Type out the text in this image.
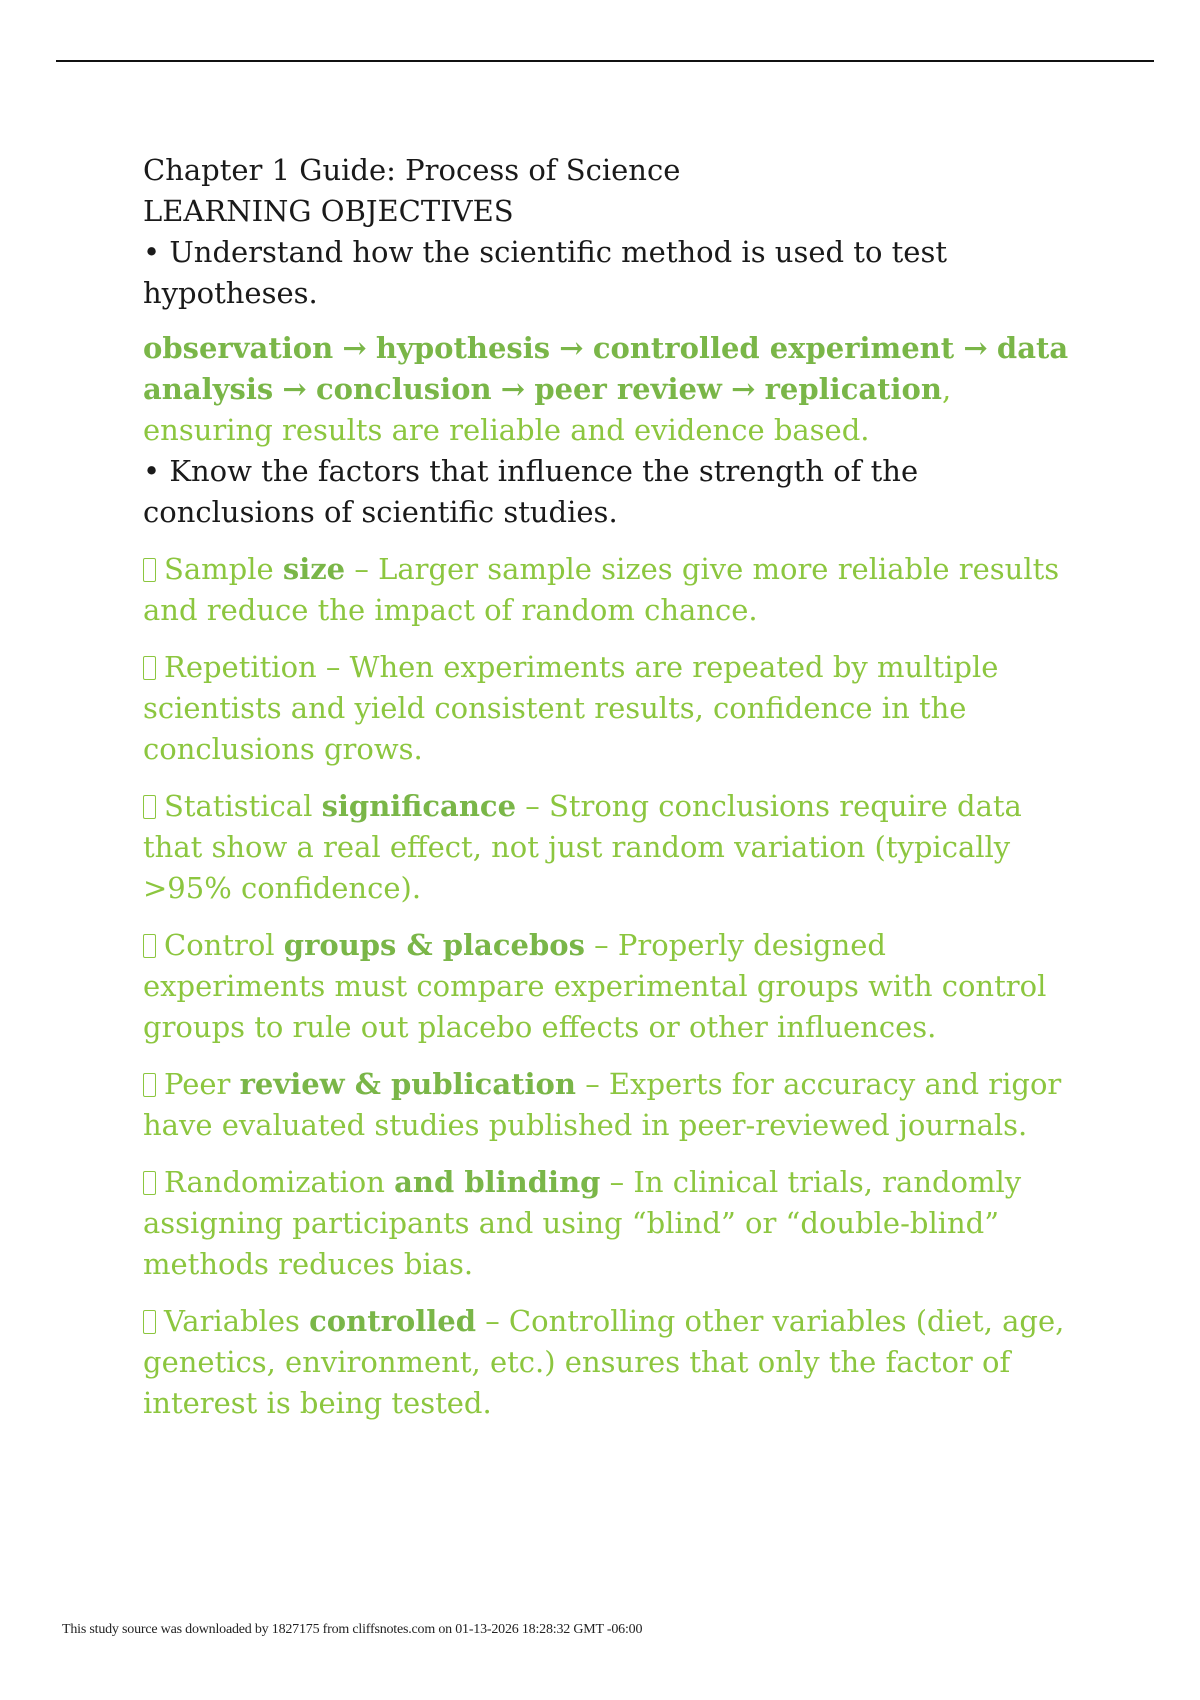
Chapter 1 Guide: Process of Science

LEARNING OBJECTIVES

• Understand how the scientific method is used to test hypotheses.

observation → hypothesis → controlled experiment → data analysis → conclusion → peer review → replication, ensuring results are reliable and evidence based.

• Know the factors that influence the strength of the conclusions of scientific studies.

Sample size – Larger sample sizes give more reliable results and reduce the impact of random chance.

Repetition – When experiments are repeated by multiple scientists and yield consistent results, confidence in the conclusions grows.

Statistical significance – Strong conclusions require data that show a real effect, not just random variation (typically >95% confidence).

Control groups & placebos – Properly designed experiments must compare experimental groups with control groups to rule out placebo effects or other influences.

Peer review & publication – Experts for accuracy and rigor have evaluated studies published in peer-reviewed journals.

Randomization and blinding – In clinical trials, randomly assigning participants and using “blind” or “double-blind” methods reduces bias.

Variables controlled – Controlling other variables (diet, age, genetics, environment, etc.) ensures that only the factor of interest is being tested.

This study source was downloaded by 1827175 from cliffsnotes.com on 01-13-2026 18:28:32 GMT -06:00
